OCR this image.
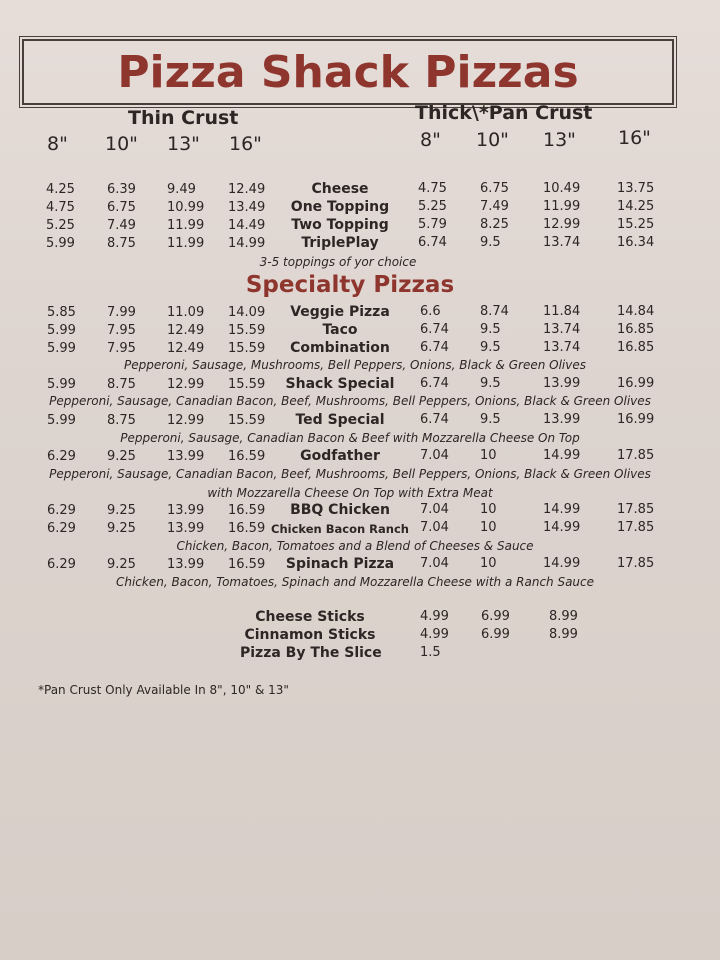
Pizza Shack Pizzas
Thin Crust	Thick\*Pan Crust
8" 10" 13" 16"	8" 10" 13" 16"
4.25 6.39 9.49 12.49	Cheese	4.75	6.75	10.49	13.75
4.75 6.75 10.99 13.49 One Topping 5.25	7.49	11.99	14.25
5.25 7.49 11.99 14.49 Two Topping 5.79	8.25	12.99	15.25
5.99 8.75 11.99 14.99	TriplePlay	6.74	9.5	13.74	16.34
3-5 toppings of yor choice
Specialty Pizzas
5.85 7.99 11.09 14.09	Veggie Pizza	6.6	8.74	11.84	14.84
5.99 7.95 12.49 15.59	Taco	6.74 9.5	13.74	16.85
5.99 7.95 12.49 15.59	Combination	6.74 9.5	13.74	16.85
5.99 8.75 12.99 15.59	Shack Special	6.74 9.5	13.99	16.99
5.99 8.75 12.99 15.59	Ted Special	6.74 9.5	13.99	16.99
6.29 9.25 13.99 16.59	Godfather	7.04 10	14.99	17.85
6.29 9.25 13.99 16.59	BBQ Chicken	7.04 10	14.99	17.85
6.29 9.25 13.99 16.59 Chicken Bacon Ranch 7.04 10	14.99	17.85
6.29 9.25 13.99 16.59	Spinach Pizza	7.04 10	14.99	17.85
Pepperoni, Sausage, Mushrooms, Bell Peppers, Onions, Black & Green Olives
Pepperoni, Sausage, Canadian Bacon, Beef, Mushrooms, Bell Peppers, Onions, Black & Green Olives
Pepperoni, Sausage, Canadian Bacon & Beef with Mozzarella Cheese On Top
Pepperoni, Sausage, Canadian Bacon, Beef, Mushrooms, Bell Peppers, Onions, Black & Green Olives
with Mozzarella Cheese On Top with Extra Meat
Chicken, Bacon, Tomatoes and a Blend of Cheeses & Sauce
Chicken, Bacon, Tomatoes, Spinach and Mozzarella Cheese with a Ranch Sauce
Cheese Sticks	4.99 6.99	8.99
Cinnamon Sticks	4.99 6.99	8.99
Pizza By The Slice	1.5
*Pan Crust Only Available In 8", 10" & 13"
